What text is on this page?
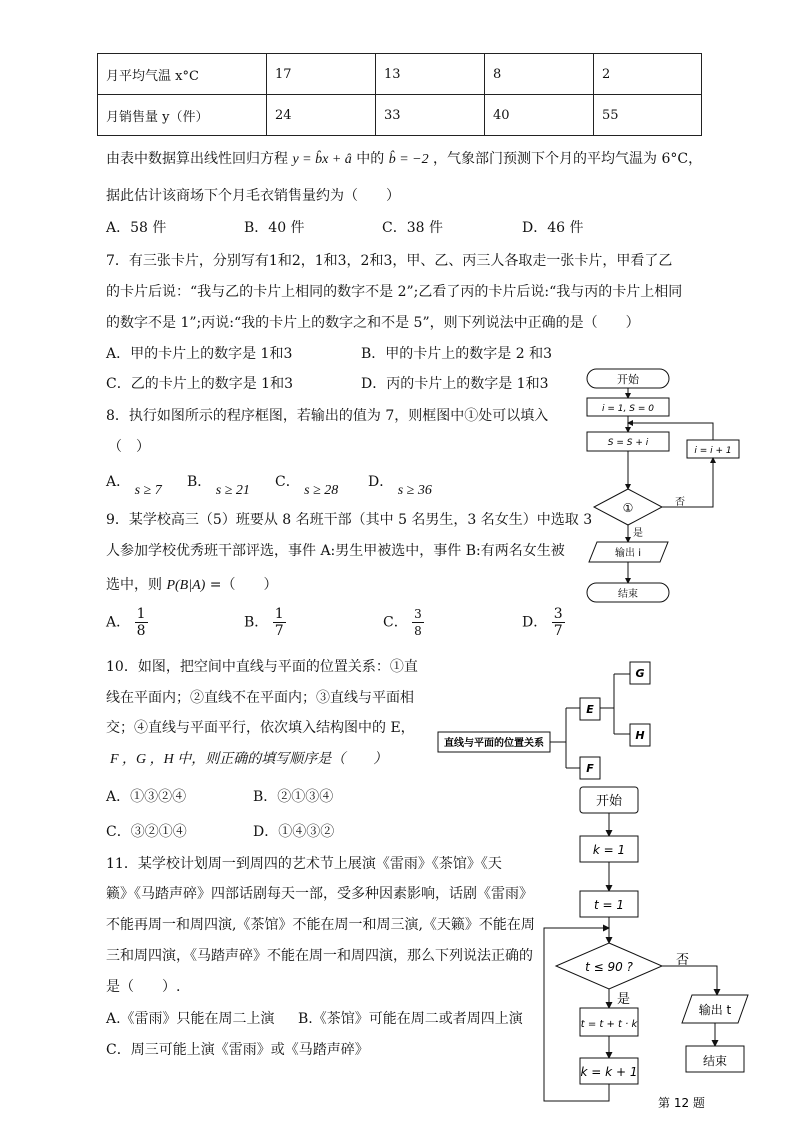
月平均气温 x°C	17	13	8	2
月销售量 y（件）	24	33	40	55
由表中数据算出线性回归方程 y = b̂x + â 中的 b̂ = −2 ，气象部门预测下个月的平均气温为 6°C，
据此估计该商场下个月毛衣销售量约为（　　）
A．58 件	B．40 件	C．38 件	D．46 件
7．有三张卡片，分别写有1和2，1和3，2和3，甲、乙、丙三人各取走一张卡片，甲看了乙
的卡片后说：“我与乙的卡片上相同的数字不是 2”;乙看了丙的卡片后说:“我与丙的卡片上相同
的数字不是 1”;丙说:“我的卡片上的数字之和不是 5”，则下列说法中正确的是（　　）
A．甲的卡片上的数字是 1和3	B．甲的卡片上的数字是 2 和3
C．乙的卡片上的数字是 1和3	D．丙的卡片上的数字是 1和3
8．执行如图所示的程序框图，若输出的值为 7，则框图中①处可以填入
（　）
A． s ≥ 7
B． s ≥ 21
C． s ≥ 28
D． s ≥ 36
9．某学校高三（5）班要从 8 名班干部（其中 5 名男生，3 名女生）中选取 3
人参加学校优秀班干部评选，事件 A:男生甲被选中，事件 B:有两名女生被
选中，则 P(B|A) =（　　）
A． $\frac{1}{8}$	B． $\frac{1}{7}$	C． $\frac{3}{8}$	D． $\frac{3}{7}$
10．如图，把空间中直线与平面的位置关系：①直
线在平面内；②直线不在平面内；③直线与平面相
交；④直线与平面平行，依次填入结构图中的 E，
F ，G ，H 中，则正确的填写顺序是（　　）
A．①③②④	B．②①③④
C．③②①④	D．①④③②
11．某学校计划周一到周四的艺术节上展演《雷雨》《茶馆》《天
籁》《马踏声碎》四部话剧每天一部，受多种因素影响，话剧《雷雨》
不能再周一和周四演,《茶馆》不能在周一和周三演,《天籁》不能在周
三和周四演，《马踏声碎》不能在周一和周四演，那么下列说法正确的
是（　　）.
A.《雷雨》只能在周二上演 B.《茶馆》可能在周二或者周四上演
C．周三可能上演《雷雨》或《马踏声碎》
开始
i = 1, S = 0
S = S + i
i = i + 1
①	否
是
输出 i
结束
直线与平面的位置关系
E
F
G
H
开始
k = 1
t = 1
t ≤ 90 ?	否
是
t = t + t · k
输出 t
结束
k = k + 1
第 12 题
